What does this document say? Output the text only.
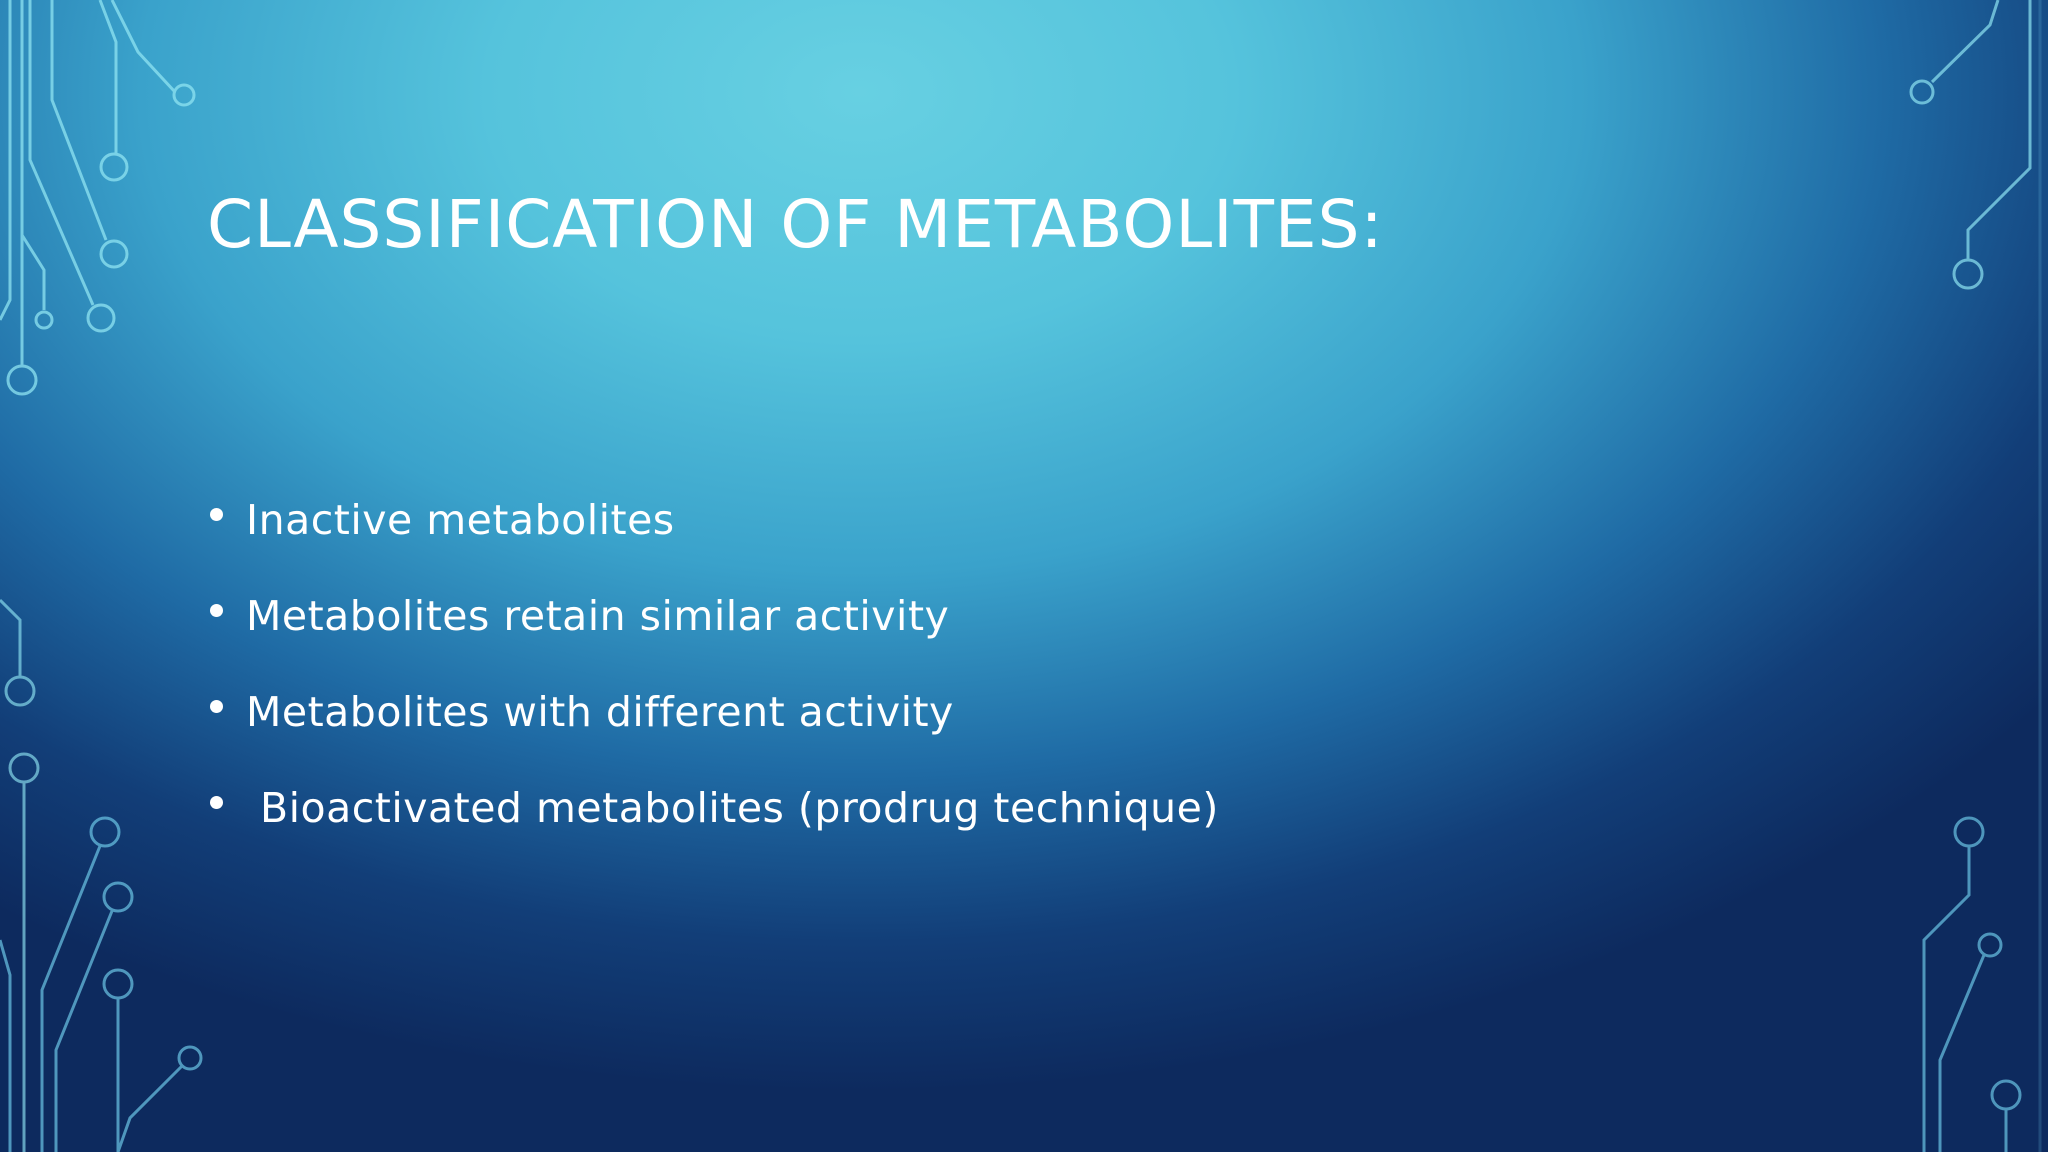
CLASSIFICATION OF METABOLITES:
Inactive metabolites
Metabolites retain similar activity
Metabolites with different activity
Bioactivated metabolites (prodrug technique)
